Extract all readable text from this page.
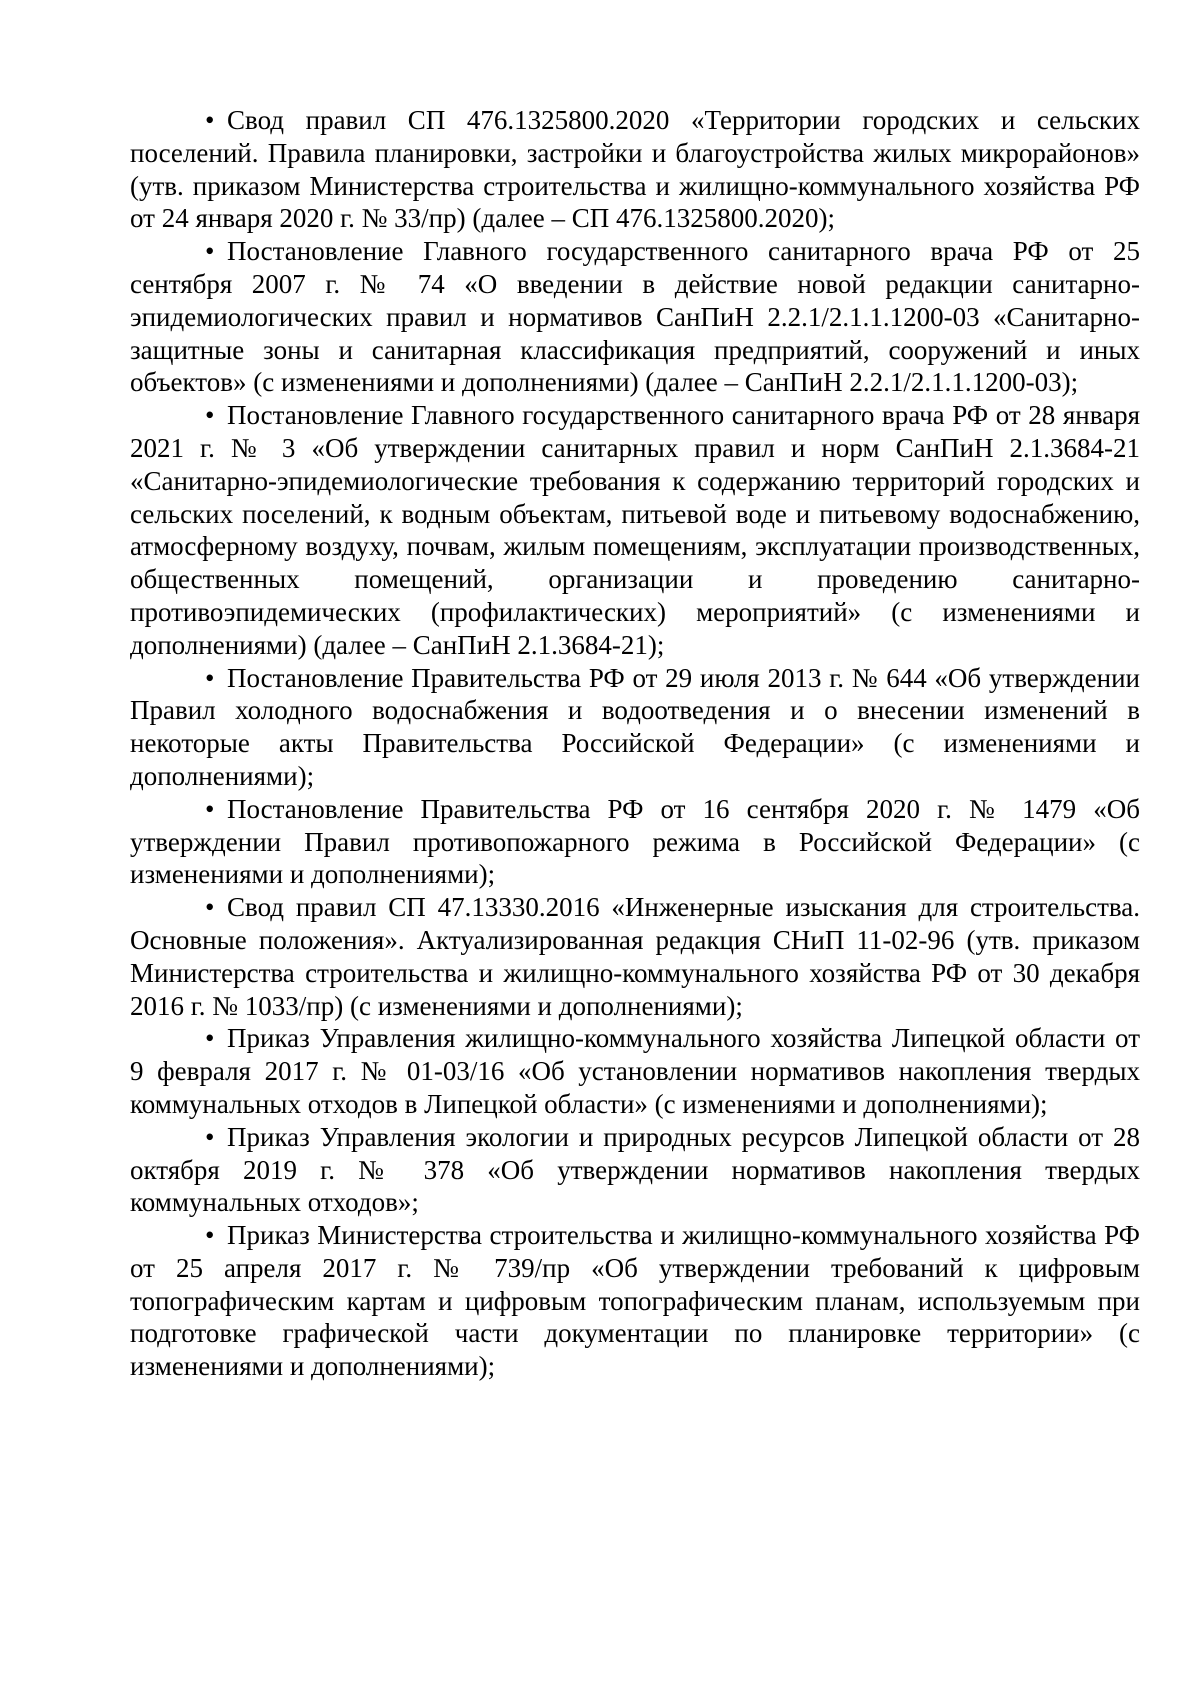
• Свод правил СП 476.1325800.2020 «Территории городских и сельских поселений. Правила планировки, застройки и благоустройства жилых микрорайонов» (утв. приказом Министерства строительства и жилищно-коммунального хозяйства РФ от 24 января 2020 г. № 33/пр) (далее – СП 476.1325800.2020);

• Постановление Главного государственного санитарного врача РФ от 25 сентября 2007 г. № 74 «О введении в действие новой редакции санитарно-эпидемиологических правил и нормативов СанПиН 2.2.1/2.1.1.1200-03 «Санитарно-защитные зоны и санитарная классификация предприятий, сооружений и иных объектов» (с изменениями и дополнениями) (далее – СанПиН 2.2.1/2.1.1.1200-03);

• Постановление Главного государственного санитарного врача РФ от 28 января 2021 г. № 3 «Об утверждении санитарных правил и норм СанПиН 2.1.3684-21 «Санитарно-эпидемиологические требования к содержанию территорий городских и сельских поселений, к водным объектам, питьевой воде и питьевому водоснабжению, атмосферному воздуху, почвам, жилым помещениям, эксплуатации производственных, общественных помещений, организации и проведению санитарно-противоэпидемических (профилактических) мероприятий» (с изменениями и дополнениями) (далее – СанПиН 2.1.3684-21);

• Постановление Правительства РФ от 29 июля 2013 г. № 644 «Об утверждении Правил холодного водоснабжения и водоотведения и о внесении изменений в некоторые акты Правительства Российской Федерации» (с изменениями и дополнениями);

• Постановление Правительства РФ от 16 сентября 2020 г. № 1479 «Об утверждении Правил противопожарного режима в Российской Федерации» (с изменениями и дополнениями);

• Свод правил СП 47.13330.2016 «Инженерные изыскания для строительства. Основные положения». Актуализированная редакция СНиП 11-02-96 (утв. приказом Министерства строительства и жилищно-коммунального хозяйства РФ от 30 декабря 2016 г. № 1033/пр) (с изменениями и дополнениями);

• Приказ Управления жилищно-коммунального хозяйства Липецкой области от 9 февраля 2017 г. № 01-03/16 «Об установлении нормативов накопления твердых коммунальных отходов в Липецкой области» (с изменениями и дополнениями);

• Приказ Управления экологии и природных ресурсов Липецкой области от 28 октября 2019 г. № 378 «Об утверждении нормативов накопления твердых коммунальных отходов»;

• Приказ Министерства строительства и жилищно-коммунального хозяйства РФ от 25 апреля 2017 г. № 739/пр «Об утверждении требований к цифровым топографическим картам и цифровым топографическим планам, используемым при подготовке графической части документации по планировке территории» (с изменениями и дополнениями);
